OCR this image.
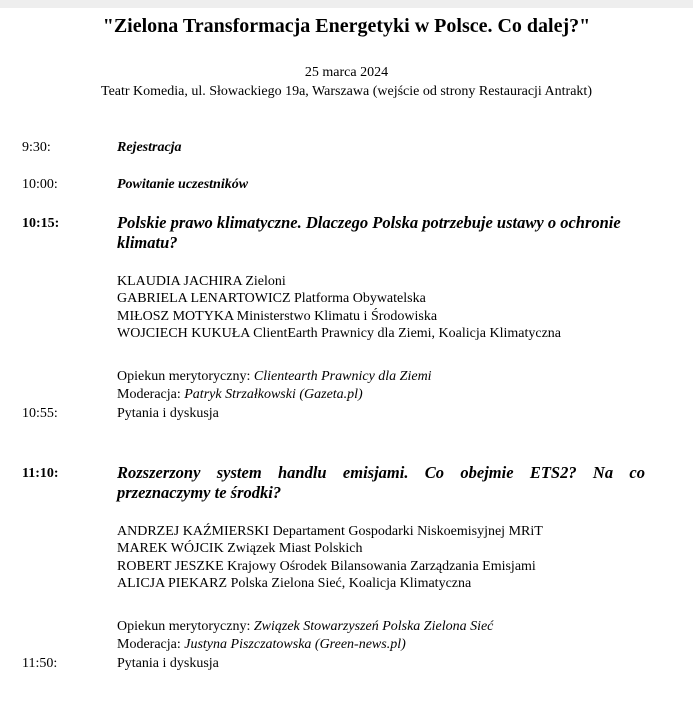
"Zielona Transformacja Energetyki w Polsce. Co dalej?"
25 marca 2024
Teatr Komedia, ul. Słowackiego 19a, Warszawa (wejście od strony Restauracji Antrakt)
9:30:	Rejestracja
10:00:	Powitanie uczestników
10:15:	Polskie prawo klimatyczne. Dlaczego Polska potrzebuje ustawy o ochronie klimatu?
KLAUDIA JACHIRA Zieloni
GABRIELA LENARTOWICZ Platforma Obywatelska
MIŁOSZ MOTYKA Ministerstwo Klimatu i Środowiska
WOJCIECH KUKUŁA ClientEarth Prawnicy dla Ziemi, Koalicja Klimatyczna
Opiekun merytoryczny: Clientearth Prawnicy dla Ziemi
Moderacja: Patryk Strzałkowski (Gazeta.pl)
10:55:	Pytania i dyskusja
11:10:	Rozszerzony system handlu emisjami. Co obejmie ETS2? Na co przeznaczymy te środki?
ANDRZEJ KAŹMIERSKI Departament Gospodarki Niskoemisyjnej MRiT
MAREK WÓJCIK Związek Miast Polskich
ROBERT JESZKE Krajowy Ośrodek Bilansowania Zarządzania Emisjami
ALICJA PIEKARZ Polska Zielona Sieć, Koalicja Klimatyczna
Opiekun merytoryczny: Związek Stowarzyszeń Polska Zielona Sieć
Moderacja: Justyna Piszczatowska (Green-news.pl)
11:50:	Pytania i dyskusja
